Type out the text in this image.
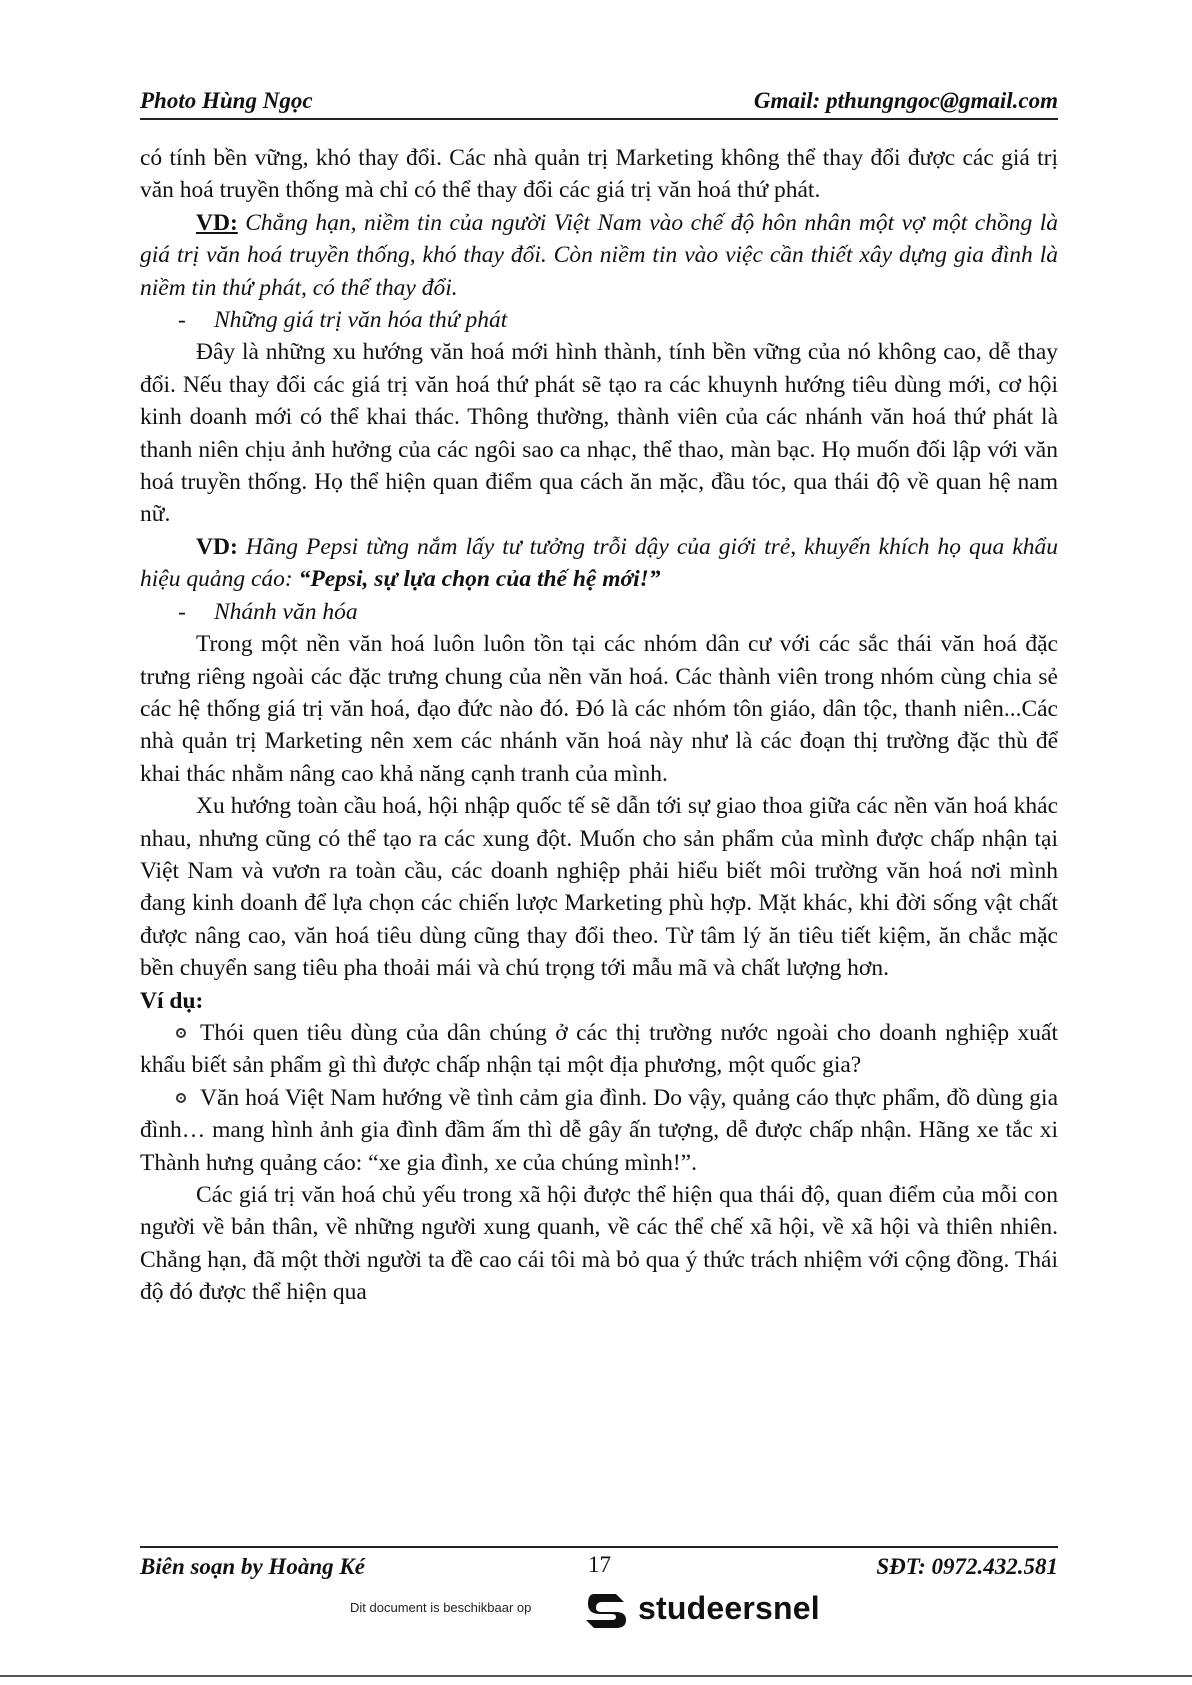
Photo Hùng Ngọc	Gmail: pthungngoc@gmail.com

có tính bền vững, khó thay đổi. Các nhà quản trị Marketing không thể thay đổi được các giá trị văn hoá truyền thống mà chỉ có thể thay đổi các giá trị văn hoá thứ phát.

VD: Chẳng hạn, niềm tin của người Việt Nam vào chế độ hôn nhân một vợ một chồng là giá trị văn hoá truyền thống, khó thay đổi. Còn niềm tin vào việc cần thiết xây dựng gia đình là niềm tin thứ phát, có thể thay đổi.

- Những giá trị văn hóa thứ phát

Đây là những xu hướng văn hoá mới hình thành, tính bền vững của nó không cao, dễ thay đổi. Nếu thay đổi các giá trị văn hoá thứ phát sẽ tạo ra các khuynh hướng tiêu dùng mới, cơ hội kinh doanh mới có thể khai thác. Thông thường, thành viên của các nhánh văn hoá thứ phát là thanh niên chịu ảnh hưởng của các ngôi sao ca nhạc, thể thao, màn bạc. Họ muốn đối lập với văn hoá truyền thống. Họ thể hiện quan điểm qua cách ăn mặc, đầu tóc, qua thái độ về quan hệ nam nữ.

VD: Hãng Pepsi từng nắm lấy tư tưởng trỗi dậy của giới trẻ, khuyến khích họ qua khẩu hiệu quảng cáo: “Pepsi, sự lựa chọn của thế hệ mới!”

- Nhánh văn hóa

Trong một nền văn hoá luôn luôn tồn tại các nhóm dân cư với các sắc thái văn hoá đặc trưng riêng ngoài các đặc trưng chung của nền văn hoá. Các thành viên trong nhóm cùng chia sẻ các hệ thống giá trị văn hoá, đạo đức nào đó. Đó là các nhóm tôn giáo, dân tộc, thanh niên...Các nhà quản trị Marketing nên xem các nhánh văn hoá này như là các đoạn thị trường đặc thù để khai thác nhằm nâng cao khả năng cạnh tranh của mình.

Xu hướng toàn cầu hoá, hội nhập quốc tế sẽ dẫn tới sự giao thoa giữa các nền văn hoá khác nhau, nhưng cũng có thể tạo ra các xung đột. Muốn cho sản phẩm của mình được chấp nhận tại Việt Nam và vươn ra toàn cầu, các doanh nghiệp phải hiểu biết môi trường văn hoá nơi mình đang kinh doanh để lựa chọn các chiến lược Marketing phù hợp. Mặt khác, khi đời sống vật chất được nâng cao, văn hoá tiêu dùng cũng thay đổi theo. Từ tâm lý ăn tiêu tiết kiệm, ăn chắc mặc bền chuyển sang tiêu pha thoải mái và chú trọng tới mẫu mã và chất lượng hơn.

Ví dụ:

Thói quen tiêu dùng của dân chúng ở các thị trường nước ngoài cho doanh nghiệp xuất khẩu biết sản phẩm gì thì được chấp nhận tại một địa phương, một quốc gia?

Văn hoá Việt Nam hướng về tình cảm gia đình. Do vậy, quảng cáo thực phẩm, đồ dùng gia đình… mang hình ảnh gia đình đầm ấm thì dễ gây ấn tượng, dễ được chấp nhận. Hãng xe tắc xi Thành hưng quảng cáo: “xe gia đình, xe của chúng mình!”.

Các giá trị văn hoá chủ yếu trong xã hội được thể hiện qua thái độ, quan điểm của mỗi con người về bản thân, về những người xung quanh, về các thể chế xã hội, về xã hội và thiên nhiên. Chẳng hạn, đã một thời người ta đề cao cái tôi mà bỏ qua ý thức trách nhiệm với cộng đồng. Thái độ đó được thể hiện qua

Biên soạn by Hoàng Ké	17	SĐT: 0972.432.581
Dit document is beschikbaar op	studeersnel
